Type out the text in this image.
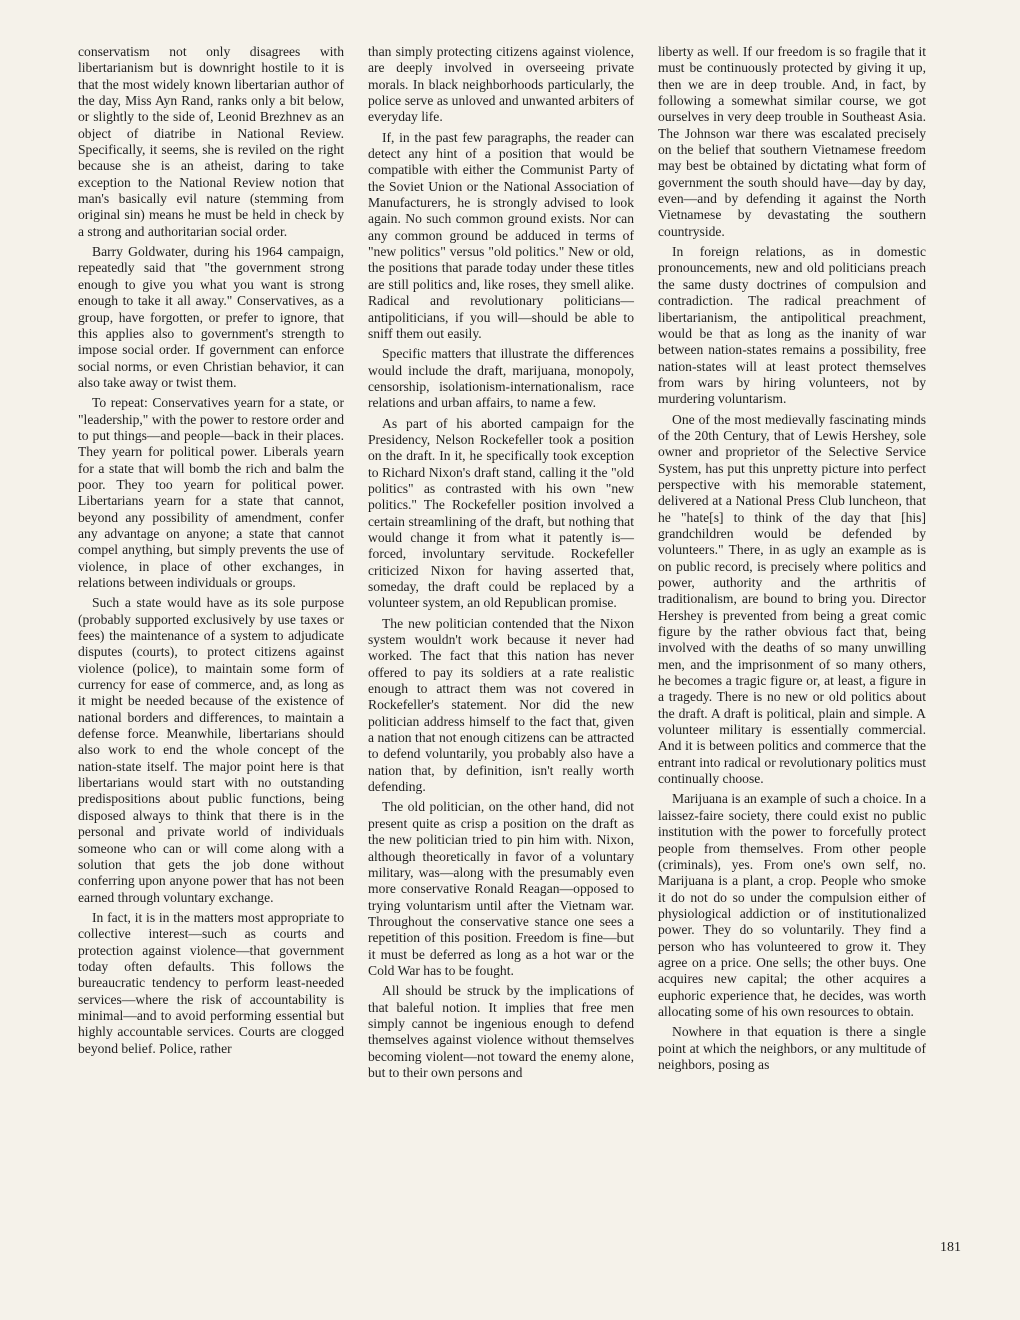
conservatism not only disagrees with libertarianism but is downright hostile to it is that the most widely known libertarian author of the day, Miss Ayn Rand, ranks only a bit below, or slightly to the side of, Leonid Brezhnev as an object of diatribe in National Review. Specifically, it seems, she is reviled on the right because she is an atheist, daring to take exception to the National Review notion that man's basically evil nature (stemming from original sin) means he must be held in check by a strong and authoritarian social order.

Barry Goldwater, during his 1964 campaign, repeatedly said that "the government strong enough to give you what you want is strong enough to take it all away." Conservatives, as a group, have forgotten, or prefer to ignore, that this applies also to government's strength to impose social order. If government can enforce social norms, or even Christian behavior, it can also take away or twist them.

To repeat: Conservatives yearn for a state, or "leadership," with the power to restore order and to put things—and people—back in their places. They yearn for political power. Liberals yearn for a state that will bomb the rich and balm the poor. They too yearn for political power. Libertarians yearn for a state that cannot, beyond any possibility of amendment, confer any advantage on anyone; a state that cannot compel anything, but simply prevents the use of violence, in place of other exchanges, in relations between individuals or groups.

Such a state would have as its sole purpose (probably supported exclusively by use taxes or fees) the maintenance of a system to adjudicate disputes (courts), to protect citizens against violence (police), to maintain some form of currency for ease of commerce, and, as long as it might be needed because of the existence of national borders and differences, to maintain a defense force. Meanwhile, libertarians should also work to end the whole concept of the nation-state itself. The major point here is that libertarians would start with no outstanding predispositions about public functions, being disposed always to think that there is in the personal and private world of individuals someone who can or will come along with a solution that gets the job done without conferring upon anyone power that has not been earned through voluntary exchange.

In fact, it is in the matters most appropriate to collective interest—such as courts and protection against violence—that government today often defaults. This follows the bureaucratic tendency to perform least-needed services—where the risk of accountability is minimal—and to avoid performing essential but highly accountable services. Courts are clogged beyond belief. Police, rather

than simply protecting citizens against violence, are deeply involved in overseeing private morals. In black neighborhoods particularly, the police serve as unloved and unwanted arbiters of everyday life.

If, in the past few paragraphs, the reader can detect any hint of a position that would be compatible with either the Communist Party of the Soviet Union or the National Association of Manufacturers, he is strongly advised to look again. No such common ground exists. Nor can any common ground be adduced in terms of "new politics" versus "old politics." New or old, the positions that parade today under these titles are still politics and, like roses, they smell alike. Radical and revolutionary politicians—antipoliticians, if you will—should be able to sniff them out easily.

Specific matters that illustrate the differences would include the draft, marijuana, monopoly, censorship, isolationism-internationalism, race relations and urban affairs, to name a few.

As part of his aborted campaign for the Presidency, Nelson Rockefeller took a position on the draft. In it, he specifically took exception to Richard Nixon's draft stand, calling it the "old politics" as contrasted with his own "new politics." The Rockefeller position involved a certain streamlining of the draft, but nothing that would change it from what it patently is—forced, involuntary servitude. Rockefeller criticized Nixon for having asserted that, someday, the draft could be replaced by a volunteer system, an old Republican promise.

The new politician contended that the Nixon system wouldn't work because it never had worked. The fact that this nation has never offered to pay its soldiers at a rate realistic enough to attract them was not covered in Rockefeller's statement. Nor did the new politician address himself to the fact that, given a nation that not enough citizens can be attracted to defend voluntarily, you probably also have a nation that, by definition, isn't really worth defending.

The old politician, on the other hand, did not present quite as crisp a position on the draft as the new politician tried to pin him with. Nixon, although theoretically in favor of a voluntary military, was—along with the presumably even more conservative Ronald Reagan—opposed to trying voluntarism until after the Vietnam war. Throughout the conservative stance one sees a repetition of this position. Freedom is fine—but it must be deferred as long as a hot war or the Cold War has to be fought.

All should be struck by the implications of that baleful notion. It implies that free men simply cannot be ingenious enough to defend themselves against violence without themselves becoming violent—not toward the enemy alone, but to their own persons and

liberty as well. If our freedom is so fragile that it must be continuously protected by giving it up, then we are in deep trouble. And, in fact, by following a somewhat similar course, we got ourselves in very deep trouble in Southeast Asia. The Johnson war there was escalated precisely on the belief that southern Vietnamese freedom may best be obtained by dictating what form of government the south should have—day by day, even—and by defending it against the North Vietnamese by devastating the southern countryside.

In foreign relations, as in domestic pronouncements, new and old politicians preach the same dusty doctrines of compulsion and contradiction. The radical preachment of libertarianism, the antipolitical preachment, would be that as long as the inanity of war between nation-states remains a possibility, free nation-states will at least protect themselves from wars by hiring volunteers, not by murdering voluntarism.

One of the most medievally fascinating minds of the 20th Century, that of Lewis Hershey, sole owner and proprietor of the Selective Service System, has put this unpretty picture into perfect perspective with his memorable statement, delivered at a National Press Club luncheon, that he "hate[s] to think of the day that [his] grandchildren would be defended by volunteers." There, in as ugly an example as is on public record, is precisely where politics and power, authority and the arthritis of traditionalism, are bound to bring you. Director Hershey is prevented from being a great comic figure by the rather obvious fact that, being involved with the deaths of so many unwilling men, and the imprisonment of so many others, he becomes a tragic figure or, at least, a figure in a tragedy. There is no new or old politics about the draft. A draft is political, plain and simple. A volunteer military is essentially commercial. And it is between politics and commerce that the entrant into radical or revolutionary politics must continually choose.

Marijuana is an example of such a choice. In a laissez-faire society, there could exist no public institution with the power to forcefully protect people from themselves. From other people (criminals), yes. From one's own self, no. Marijuana is a plant, a crop. People who smoke it do not do so under the compulsion either of physiological addiction or of institutionalized power. They do so voluntarily. They find a person who has volunteered to grow it. They agree on a price. One sells; the other buys. One acquires new capital; the other acquires a euphoric experience that, he decides, was worth allocating some of his own resources to obtain.

Nowhere in that equation is there a single point at which the neighbors, or any multitude of neighbors, posing as

181
